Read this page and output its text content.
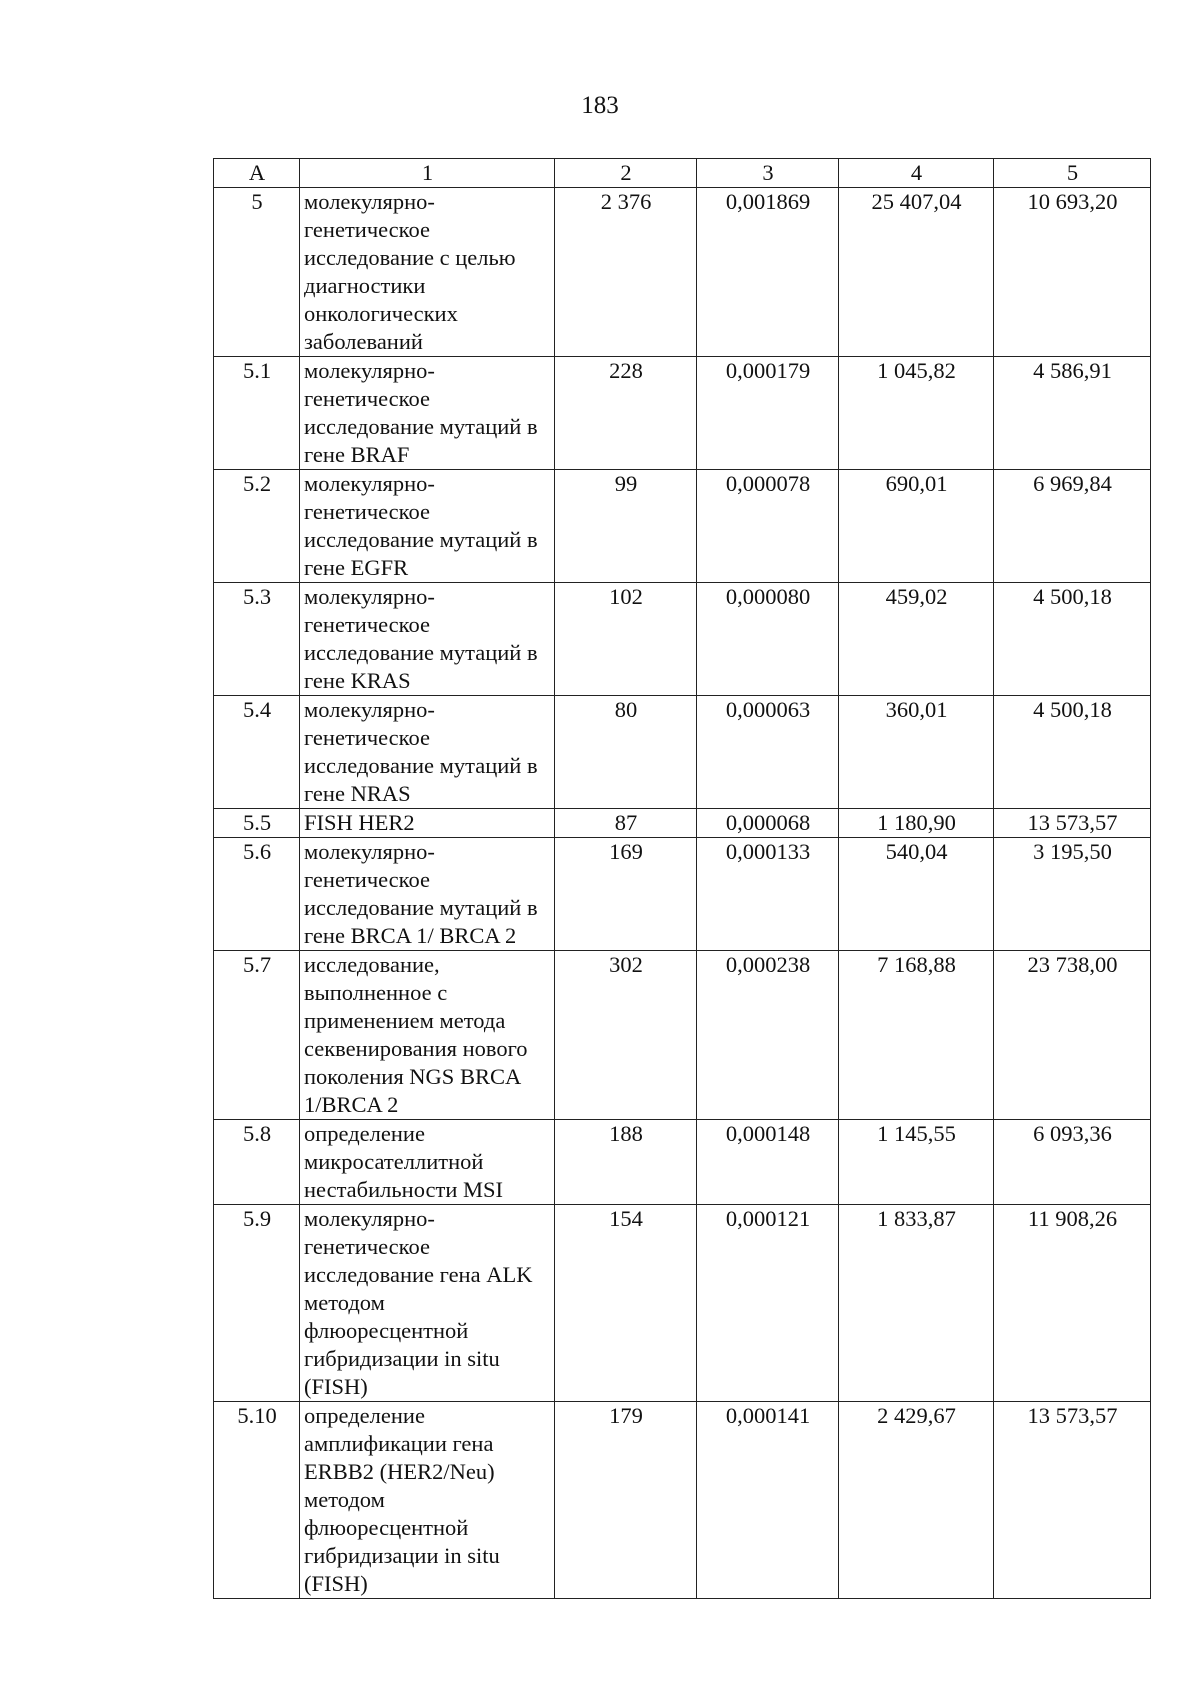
183
А	1	2	3	4	5
5	молекулярно-генетическое исследование с целью диагностики онкологических заболеваний	2 376	0,001869	25 407,04	10 693,20
5.1	молекулярно-генетическое исследование мутаций в гене BRAF	228	0,000179	1 045,82	4 586,91
5.2	молекулярно-генетическое исследование мутаций в гене EGFR	99	0,000078	690,01	6 969,84
5.3	молекулярно-генетическое исследование мутаций в гене KRAS	102	0,000080	459,02	4 500,18
5.4	молекулярно-генетическое исследование мутаций в гене NRAS	80	0,000063	360,01	4 500,18
5.5	FISH HER2	87	0,000068	1 180,90	13 573,57
5.6	молекулярно-генетическое исследование мутаций в гене BRCA 1/ BRCA 2	169	0,000133	540,04	3 195,50
5.7	исследование, выполненное с применением метода секвенирования нового поколения NGS BRCA 1/BRCA 2	302	0,000238	7 168,88	23 738,00
5.8	определение микросателлитной нестабильности MSI	188	0,000148	1 145,55	6 093,36
5.9	молекулярно-генетическое исследование гена ALK методом флюоресцентной гибридизации in situ (FISH)	154	0,000121	1 833,87	11 908,26
5.10	определение амплификации гена ERBB2 (HER2/Neu) методом флюоресцентной гибридизации in situ (FISH)	179	0,000141	2 429,67	13 573,57
